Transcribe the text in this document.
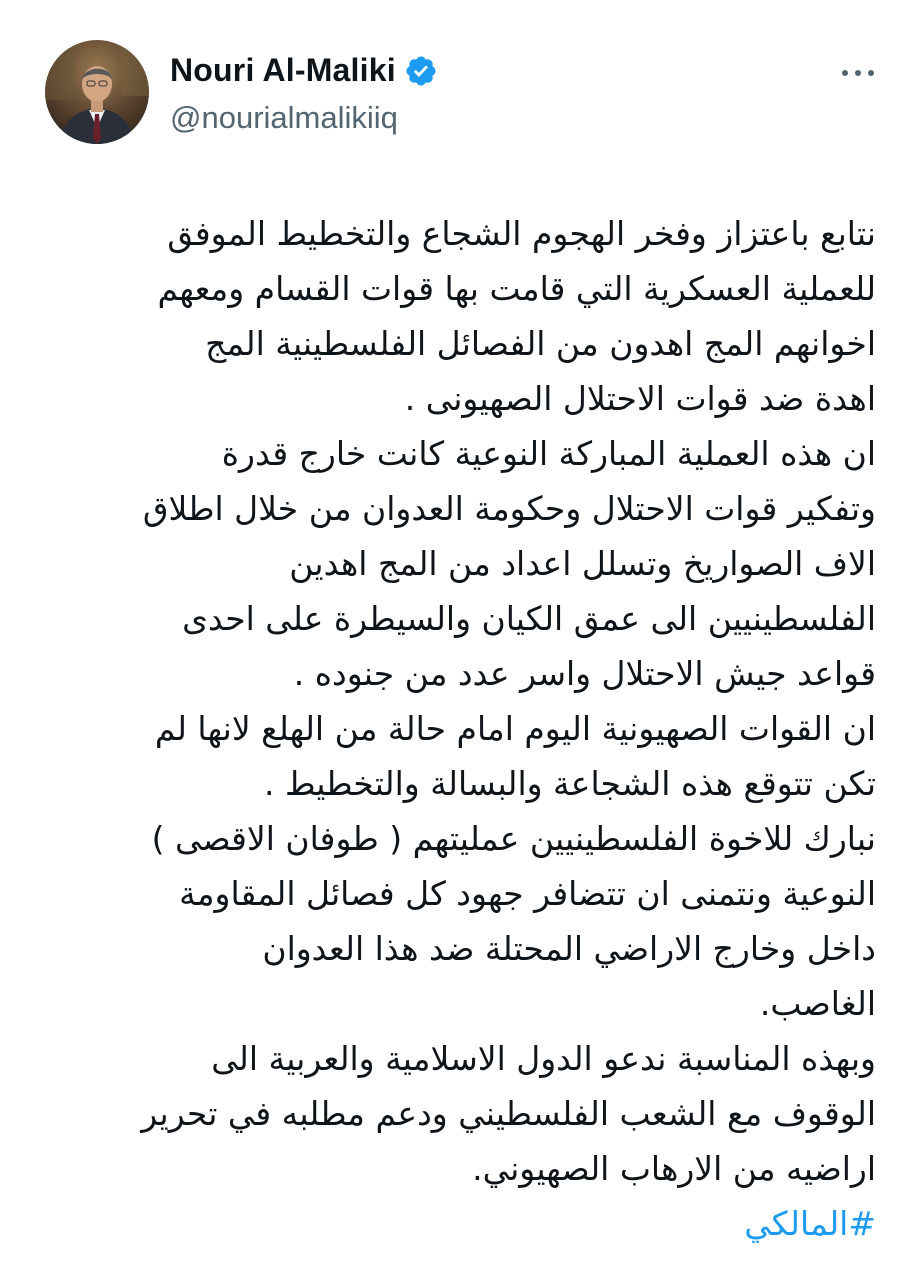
Nouri Al-Maliki
@nourialmalikiiq
نتابع باعتزاز وفخر الهجوم الشجاع والتخطيط الموفق
للعملية العسكرية التي قامت بها قوات القسام ومعهم
اخوانهم المج اهدون من الفصائل الفلسطينية المج
اهدة ضد قوات الاحتلال الصهيونى .
ان هذه العملية المباركة النوعية كانت خارج قدرة
وتفكير قوات الاحتلال وحكومة العدوان من خلال اطلاق
الاف الصواريخ وتسلل اعداد من المج اهدين
الفلسطينيين الى عمق الكيان والسيطرة على احدى
قواعد جيش الاحتلال واسر عدد من جنوده .
ان القوات الصهيونية اليوم امام حالة من الهلع لانها لم
تكن تتوقع هذه الشجاعة والبسالة والتخطيط .
نبارك للاخوة الفلسطينيين عمليتهم ( طوفان الاقصى )
النوعية ونتمنى ان تتضافر جهود كل فصائل المقاومة
داخل وخارج الاراضي المحتلة ضد هذا العدوان
الغاصب.
وبهذه المناسبة ندعو الدول الاسلامية والعربية الى
الوقوف مع الشعب الفلسطيني ودعم مطلبه في تحرير
اراضيه من الارهاب الصهيوني.
#المالكي
